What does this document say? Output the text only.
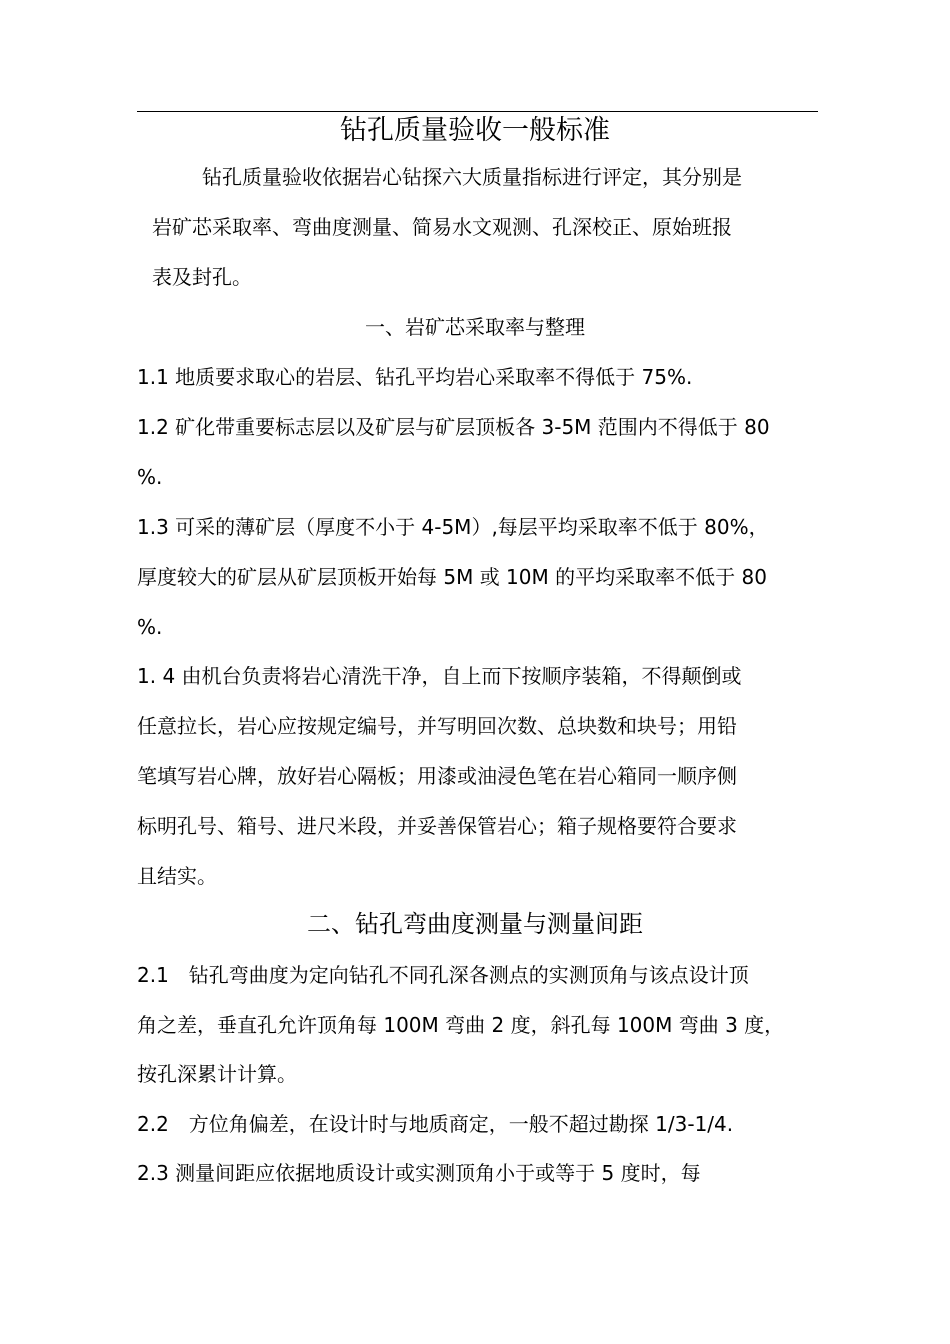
钻孔质量验收一般标准
钻孔质量验收依据岩心钻探六大质量指标进行评定，其分别是
岩矿芯采取率、弯曲度测量、简易水文观测、孔深校正、原始班报
表及封孔。
一、岩矿芯采取率与整理
1.1 地质要求取心的岩层、钻孔平均岩心采取率不得低于 75%.
1.2 矿化带重要标志层以及矿层与矿层顶板各 3-5M 范围内不得低于 80
%.
1.3 可采的薄矿层（厚度不小于 4-5M）,每层平均采取率不低于 80%，
厚度较大的矿层从矿层顶板开始每 5M 或 10M 的平均采取率不低于 80
%.
1. 4 由机台负责将岩心清洗干净，自上而下按顺序装箱，不得颠倒或
任意拉长，岩心应按规定编号，并写明回次数、总块数和块号；用铅
笔填写岩心牌，放好岩心隔板；用漆或油浸色笔在岩心箱同一顺序侧
标明孔号、箱号、进尺米段，并妥善保管岩心；箱子规格要符合要求
且结实。
二、钻孔弯曲度测量与测量间距
2.1　钻孔弯曲度为定向钻孔不同孔深各测点的实测顶角与该点设计顶
角之差，垂直孔允许顶角每 100M 弯曲 2 度，斜孔每 100M 弯曲 3 度，
按孔深累计计算。
2.2　方位角偏差，在设计时与地质商定，一般不超过勘探 1/3-1/4.
2.3 测量间距应依据地质设计或实测顶角小于或等于 5 度时，每
